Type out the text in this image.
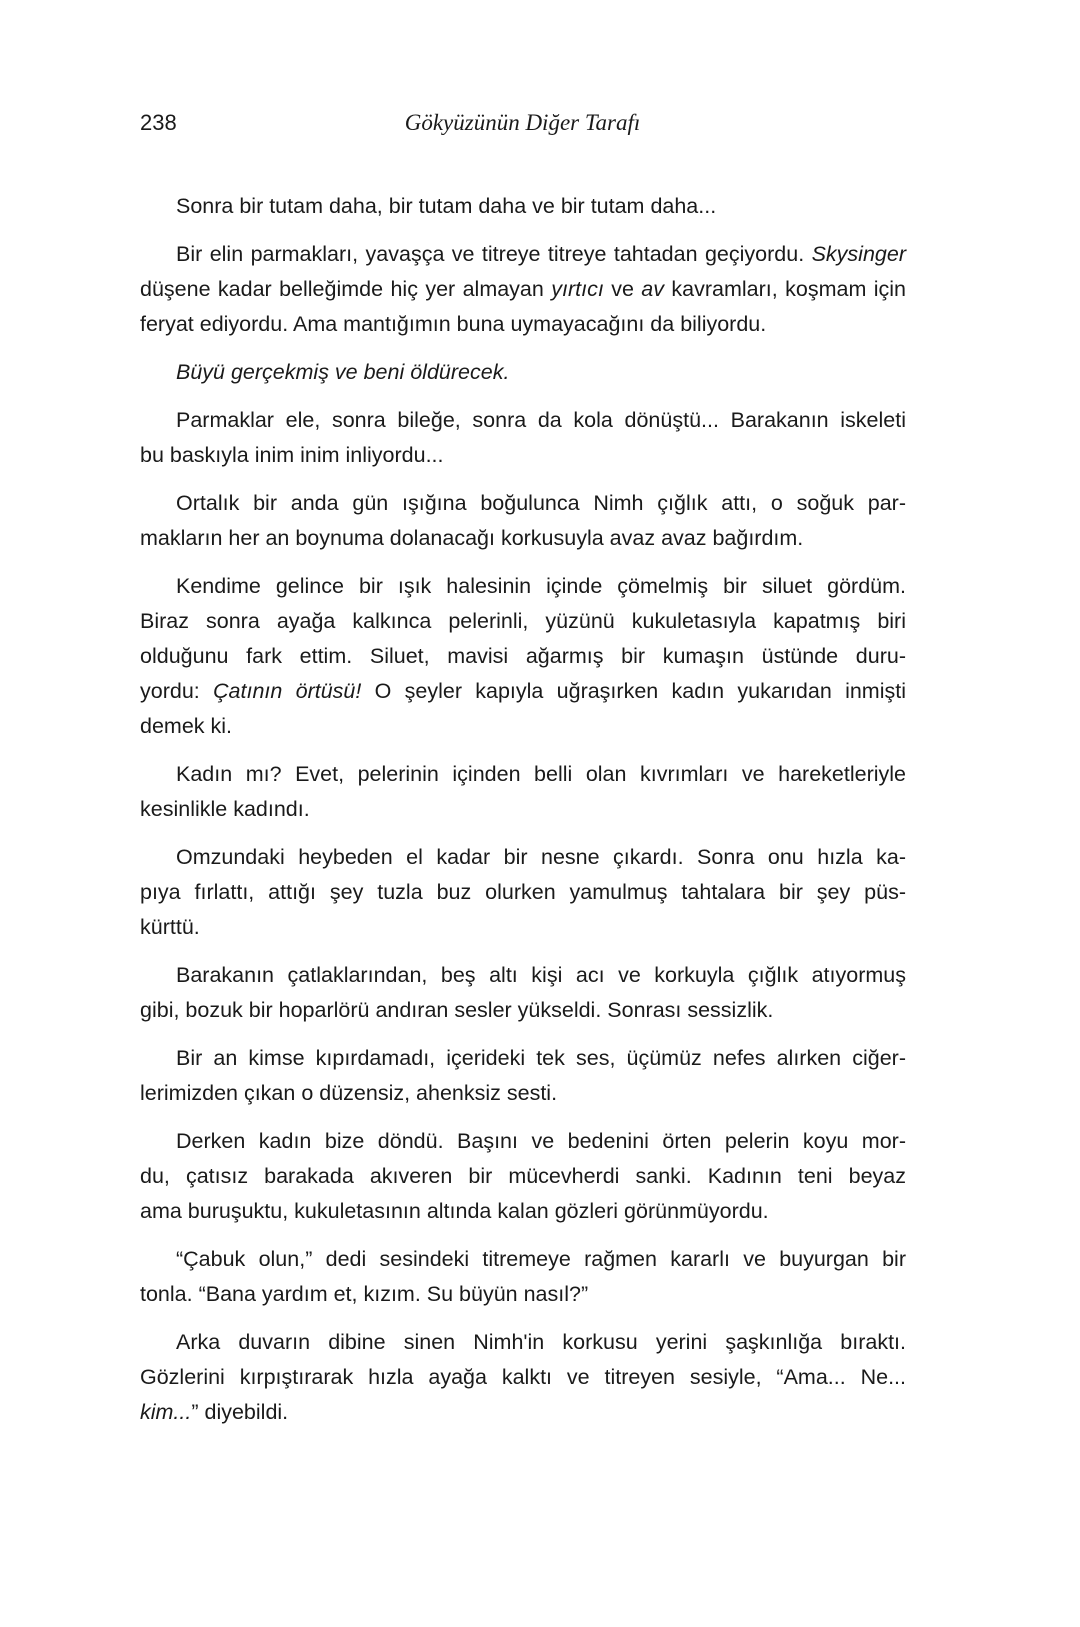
238	Gökyüzünün Diğer Tarafı
Sonra bir tutam daha, bir tutam daha ve bir tutam daha...
Bir elin parmakları, yavaşça ve titreye titreye tahtadan geçiyordu. Skysinger
düşene kadar belleğimde hiç yer almayan yırtıcı ve av kavramları, koşmam için
feryat ediyordu. Ama mantığımın buna uymayacağını da biliyordu.
Büyü gerçekmiş ve beni öldürecek.
Parmaklar ele, sonra bileğe, sonra da kola dönüştü... Barakanın iskeleti
bu baskıyla inim inim inliyordu...
Ortalık bir anda gün ışığına boğulunca Nimh çığlık attı, o soğuk par-
makların her an boynuma dolanacağı korkusuyla avaz avaz bağırdım.
Kendime gelince bir ışık halesinin içinde çömelmiş bir siluet gördüm.
Biraz sonra ayağa kalkınca pelerinli, yüzünü kukuletasıyla kapatmış biri
olduğunu fark ettim. Siluet, mavisi ağarmış bir kumaşın üstünde duru-
yordu: Çatının örtüsü! O şeyler kapıyla uğraşırken kadın yukarıdan inmişti
demek ki.
Kadın mı? Evet, pelerinin içinden belli olan kıvrımları ve hareketleriyle
kesinlikle kadındı.
Omzundaki heybeden el kadar bir nesne çıkardı. Sonra onu hızla ka-
pıya fırlattı, attığı şey tuzla buz olurken yamulmuş tahtalara bir şey püs-
kürttü.
Barakanın çatlaklarından, beş altı kişi acı ve korkuyla çığlık atıyormuş
gibi, bozuk bir hoparlörü andıran sesler yükseldi. Sonrası sessizlik.
Bir an kimse kıpırdamadı, içerideki tek ses, üçümüz nefes alırken ciğer-
lerimizden çıkan o düzensiz, ahenksiz sesti.
Derken kadın bize döndü. Başını ve bedenini örten pelerin koyu mor-
du, çatısız barakada akıveren bir mücevherdi sanki. Kadının teni beyaz
ama buruşuktu, kukuletasının altında kalan gözleri görünmüyordu.
“Çabuk olun,” dedi sesindeki titremeye rağmen kararlı ve buyurgan bir
tonla. “Bana yardım et, kızım. Su büyün nasıl?”
Arka duvarın dibine sinen Nimh'in korkusu yerini şaşkınlığa bıraktı.
Gözlerini kırpıştırarak hızla ayağa kalktı ve titreyen sesiyle, “Ama... Ne...
kim...” diyebildi.
